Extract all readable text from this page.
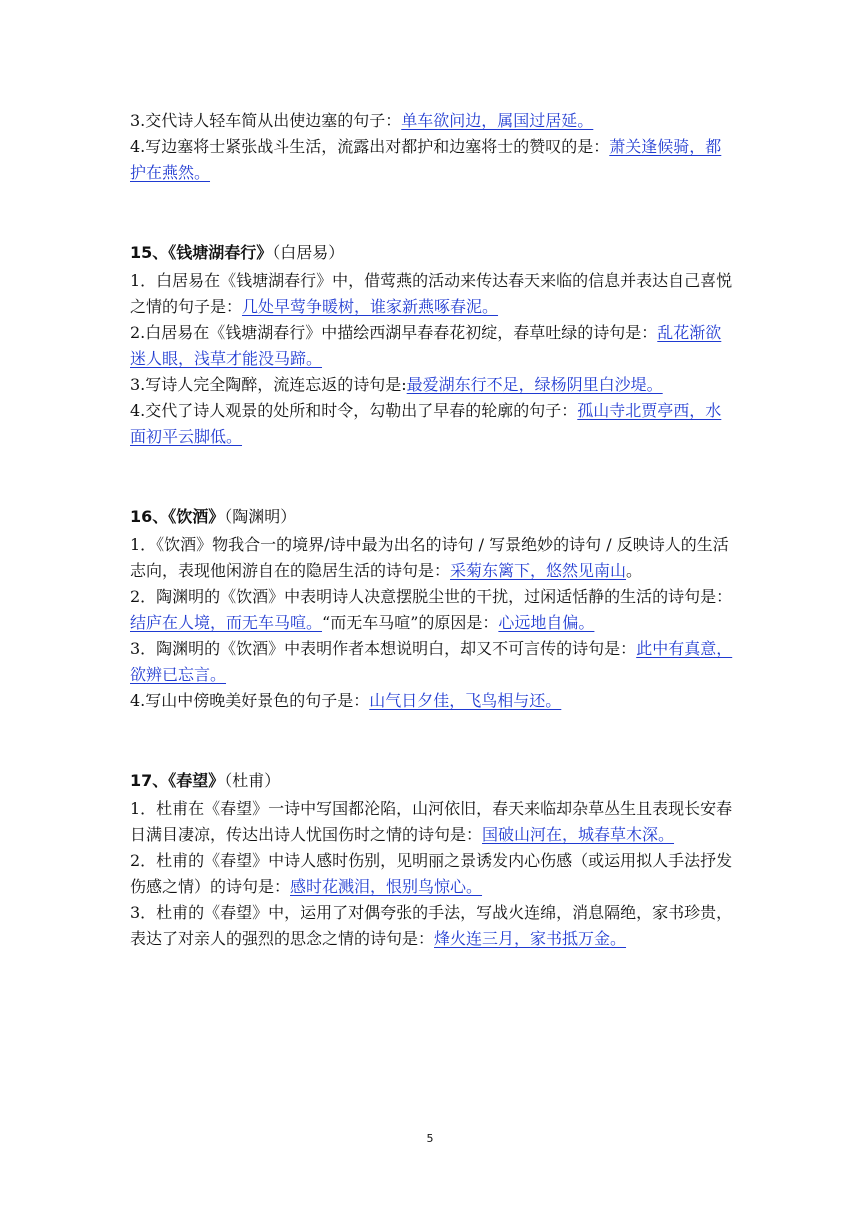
3.交代诗人轻车简从出使边塞的句子：单车欲问边，属国过居延。

4.写边塞将士紧张战斗生活，流露出对都护和边塞将士的赞叹的是：萧关逢候骑，都护在燕然。

15、《钱塘湖春行》（白居易）

1．白居易在《钱塘湖春行》中，借莺燕的活动来传达春天来临的信息并表达自己喜悦之情的句子是：几处早莺争暖树，谁家新燕啄春泥。

2.白居易在《钱塘湖春行》中描绘西湖早春春花初绽，春草吐绿的诗句是：乱花渐欲迷人眼，浅草才能没马蹄。

3.写诗人完全陶醉，流连忘返的诗句是:最爱湖东行不足，绿杨阴里白沙堤。

4.交代了诗人观景的处所和时令，勾勒出了早春的轮廓的句子：孤山寺北贾亭西，水面初平云脚低。

16、《饮酒》（陶渊明）

1．《饮酒》物我合一的境界/诗中最为出名的诗句 / 写景绝妙的诗句 / 反映诗人的生活志向，表现他闲游自在的隐居生活的诗句是：采菊东篱下，悠然见南山。

2．陶渊明的《饮酒》中表明诗人决意摆脱尘世的干扰，过闲适恬静的生活的诗句是：结庐在人境，而无车马喧。“而无车马喧”的原因是：心远地自偏。

3．陶渊明的《饮酒》中表明作者本想说明白，却又不可言传的诗句是：此中有真意，欲辨已忘言。

4.写山中傍晚美好景色的句子是：山气日夕佳，飞鸟相与还。

17、《春望》（杜甫）

1．杜甫在《春望》一诗中写国都沦陷，山河依旧，春天来临却杂草丛生且表现长安春日满目凄凉，传达出诗人忧国伤时之情的诗句是：国破山河在，城春草木深。

2．杜甫的《春望》中诗人感时伤别，见明丽之景诱发内心伤感（或运用拟人手法抒发伤感之情）的诗句是：感时花溅泪，恨别鸟惊心。

3．杜甫的《春望》中，运用了对偶夸张的手法，写战火连绵，消息隔绝，家书珍贵，表达了对亲人的强烈的思念之情的诗句是：烽火连三月，家书抵万金。

5
